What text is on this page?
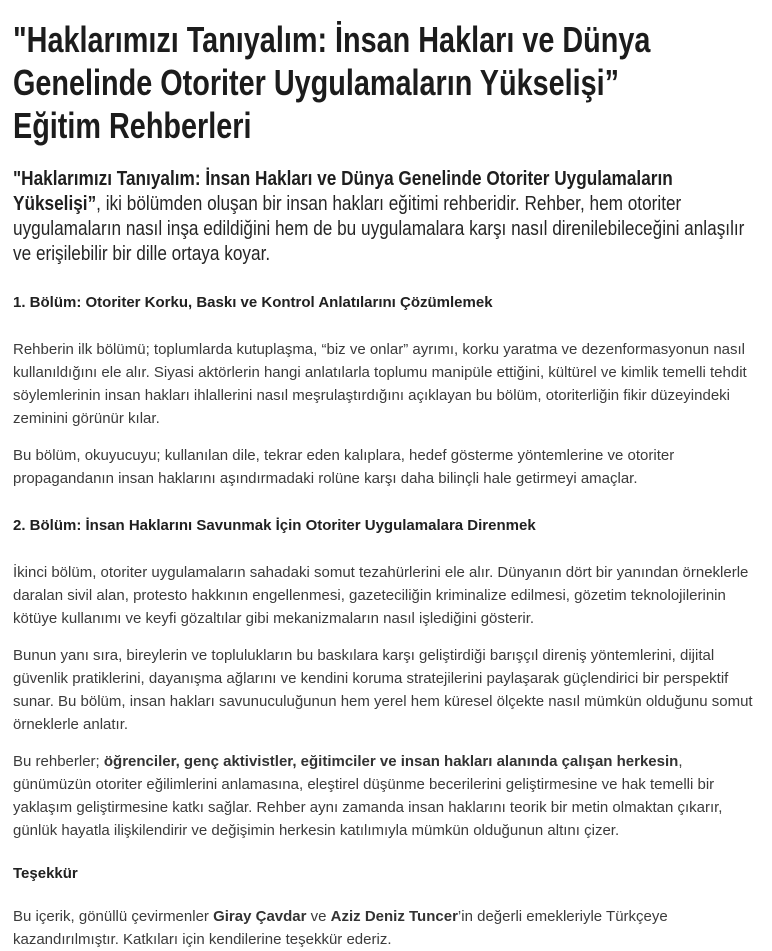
"Haklarımızı Tanıyalım: İnsan Hakları ve Dünya
Genelinde Otoriter Uygulamaların Yükselişi”
Eğitim Rehberleri

"Haklarımızı Tanıyalım: İnsan Hakları ve Dünya Genelinde Otoriter Uygulamaların Yükselişi”, iki bölümden oluşan bir insan hakları eğitimi rehberidir. Rehber, hem otoriter uygulamaların nasıl inşa edildiğini hem de bu uygulamalara karşı nasıl direnilebileceğini anlaşılır ve erişilebilir bir dille ortaya koyar.

1. Bölüm: Otoriter Korku, Baskı ve Kontrol Anlatılarını Çözümlemek

Rehberin ilk bölümü; toplumlarda kutuplaşma, “biz ve onlar” ayrımı, korku yaratma ve dezenformasyonun nasıl kullanıldığını ele alır. Siyasi aktörlerin hangi anlatılarla toplumu manipüle ettiğini, kültürel ve kimlik temelli tehdit söylemlerinin insan hakları ihlallerini nasıl meşrulaştırdığını açıklayan bu bölüm, otoriterliğin fikir düzeyindeki zeminini görünür kılar.

Bu bölüm, okuyucuyu; kullanılan dile, tekrar eden kalıplara, hedef gösterme yöntemlerine ve otoriter propagandanın insan haklarını aşındırmadaki rolüne karşı daha bilinçli hale getirmeyi amaçlar.

2. Bölüm: İnsan Haklarını Savunmak İçin Otoriter Uygulamalara Direnmek

İkinci bölüm, otoriter uygulamaların sahadaki somut tezahürlerini ele alır. Dünyanın dört bir yanından örneklerle daralan sivil alan, protesto hakkının engellenmesi, gazeteciliğin kriminalize edilmesi, gözetim teknolojilerinin kötüye kullanımı ve keyfi gözaltılar gibi mekanizmaların nasıl işlediğini gösterir.

Bunun yanı sıra, bireylerin ve toplulukların bu baskılara karşı geliştirdiği barışçıl direniş yöntemlerini, dijital güvenlik pratiklerini, dayanışma ağlarını ve kendini koruma stratejilerini paylaşarak güçlendirici bir perspektif sunar. Bu bölüm, insan hakları savunuculuğunun hem yerel hem küresel ölçekte nasıl mümkün olduğunu somut örneklerle anlatır.

Bu rehberler; öğrenciler, genç aktivistler, eğitimciler ve insan hakları alanında çalışan herkesin, günümüzün otoriter eğilimlerini anlamasına, eleştirel düşünme becerilerini geliştirmesine ve hak temelli bir yaklaşım geliştirmesine katkı sağlar. Rehber aynı zamanda insan haklarını teorik bir metin olmaktan çıkarır, günlük hayatla ilişkilendirir ve değişimin herkesin katılımıyla mümkün olduğunun altını çizer.

Teşekkür

Bu içerik, gönüllü çevirmenler Giray Çavdar ve Aziz Deniz Tuncer’in değerli emekleriyle Türkçeye kazandırılmıştır. Katkıları için kendilerine teşekkür ederiz.
